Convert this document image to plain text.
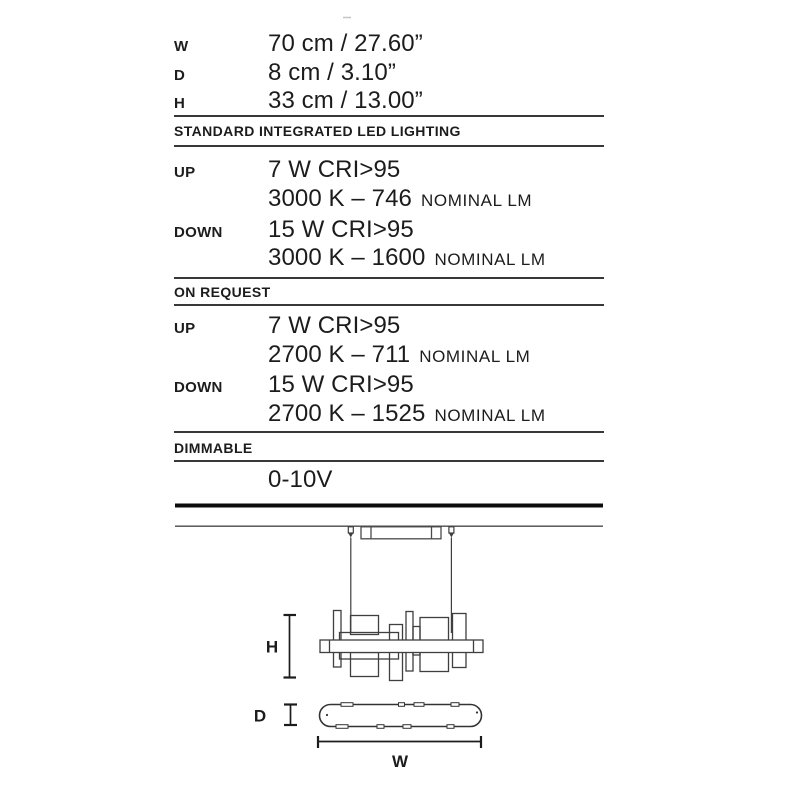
W	70 cm / 27.60”
D	8 cm / 3.10”
H	33 cm / 13.00”
STANDARD INTEGRATED LED LIGHTING
UP	7 W CRI>95
3000 K – 746 NOMINAL LM
DOWN	15 W CRI>95
3000 K – 1600 NOMINAL LM
ON REQUEST
UP	7 W CRI>95
2700 K – 711 NOMINAL LM
DOWN	15 W CRI>95
2700 K – 1525 NOMINAL LM
DIMMABLE
0-10V
H
D
W
